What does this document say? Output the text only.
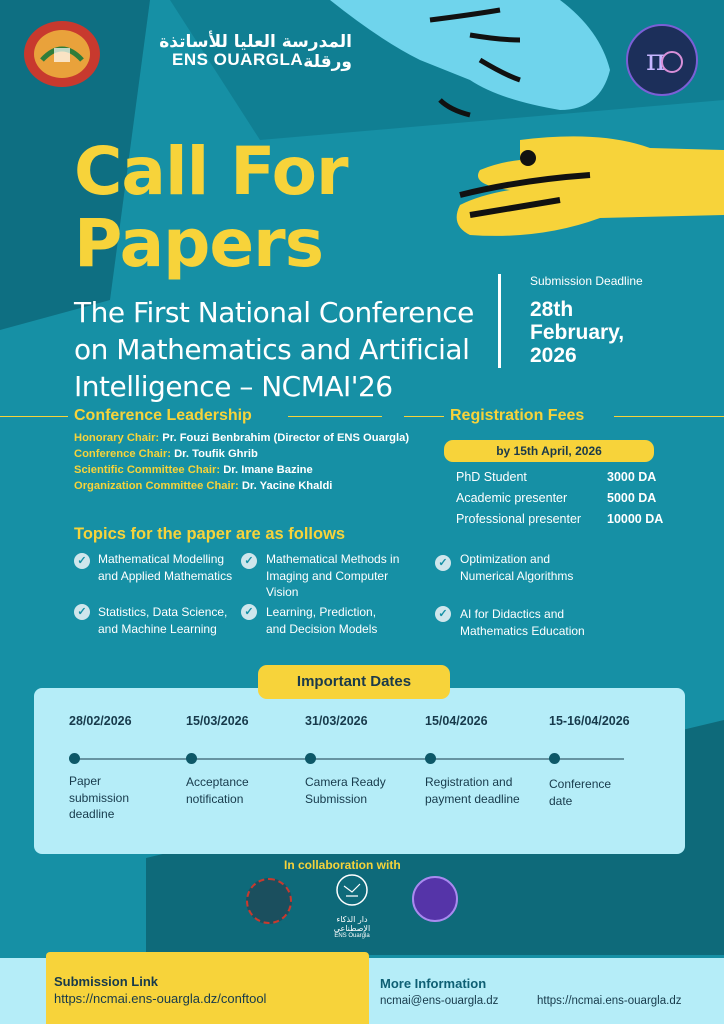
المدرسة العليا للأساتذة ورقلة
ENS OUARGLA	π
Call For
Papers
The First National Conference on Mathematics and Artificial Intelligence – NCMAI'26
Submission Deadline
28th
February,
2026
Conference Leadership
Honorary Chair: Pr. Fouzi Benbrahim (Director of ENS Ouargla)
Conference Chair: Dr. Toufik Ghrib
Scientific Committee Chair: Dr. Imane Bazine
Organization Committee Chair: Dr. Yacine Khaldi
Registration Fees
by 15th April, 2026
PhD Student	3000 DA
Academic presenter	5000 DA
Professional presenter 10000 DA
Topics for the paper are as follows
✓ Mathematical Modelling and Applied Mathematics
✓ Mathematical Methods in Imaging and Computer Vision
✓ Optimization and Numerical Algorithms
✓ Statistics, Data Science, and Machine Learning
✓ Learning, Prediction, and Decision Models
✓ AI for Didactics and Mathematics Education
Important Dates
28/02/2026
Paper submission deadline
15/03/2026
Acceptance notification
31/03/2026
Camera Ready Submission
15/04/2026
Registration and payment deadline
15-16/04/2026
Conference date
In collaboration with
دار الذكاء الإصطناعي
ENS Ouargla
Submission Link
https://ncmai.ens-ouargla.dz/conftool
More Information
ncmai@ens-ouargla.dz	https://ncmai.ens-ouargla.dz
